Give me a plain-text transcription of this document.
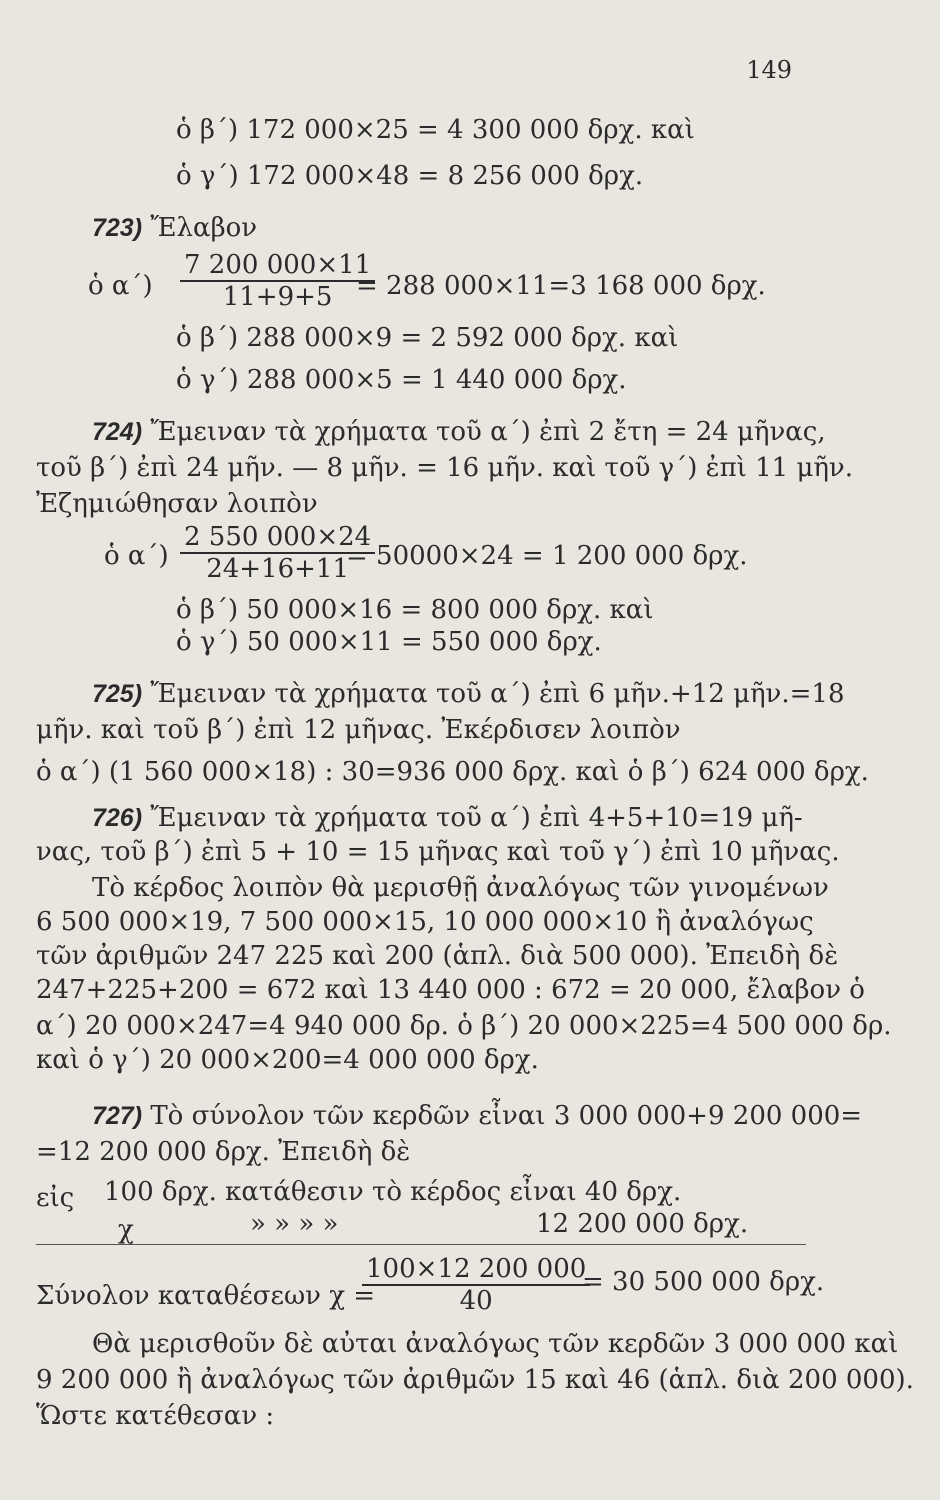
149
ὁ β΄) 172 000×25 = 4 300 000 δρχ. καὶ
ὁ γ΄) 172 000×48 = 8 256 000 δρχ.
723) Ἔλαβον
ὁ α΄)
7 200 000×11
11+9+5 = 288 000×11=3 168 000 δρχ.
ὁ β΄) 288 000×9 = 2 592 000 δρχ. καὶ
ὁ γ΄) 288 000×5 = 1 440 000 δρχ.
724) Ἔμειναν τὰ χρήματα τοῦ α΄) ἐπὶ 2 ἔτη = 24 μῆνας,
τοῦ β΄) ἐπὶ 24 μῆν. — 8 μῆν. = 16 μῆν. καὶ τοῦ γ΄) ἐπὶ 11 μῆν.
Ἐζημιώθησαν λοιπὸν
ὁ α΄)
2 550 000×24
24+16+11
= 50000×24 = 1 200 000 δρχ.
ὁ β΄) 50 000×16 = 800 000 δρχ. καὶ
ὁ γ΄) 50 000×11 = 550 000 δρχ.
725) Ἔμειναν τὰ χρήματα τοῦ α΄) ἐπὶ 6 μῆν.+12 μῆν.=18
μῆν. καὶ τοῦ β΄) ἐπὶ 12 μῆνας. Ἐκέρδισεν λοιπὸν
ὁ α΄) (1 560 000×18) : 30=936 000 δρχ. καὶ ὁ β΄) 624 000 δρχ.
726) Ἔμειναν τὰ χρήματα τοῦ α΄) ἐπὶ 4+5+10=19 μῆ-
νας, τοῦ β΄) ἐπὶ 5 + 10 = 15 μῆνας καὶ τοῦ γ΄) ἐπὶ 10 μῆνας.
Τὸ κέρδος λοιπὸν θὰ μερισθῇ ἀναλόγως τῶν γινομένων
6 500 000×19, 7 500 000×15, 10 000 000×10 ἢ ἀναλόγως
τῶν ἀριθμῶν 247 225 καὶ 200 (ἁπλ. διὰ 500 000). Ἐπειδὴ δὲ
247+225+200 = 672 καὶ 13 440 000 : 672 = 20 000, ἔλαβον ὁ
α΄) 20 000×247=4 940 000 δρ. ὁ β΄) 20 000×225=4 500 000 δρ.
καὶ ὁ γ΄) 20 000×200=4 000 000 δρχ.
727) Τὸ σύνολον τῶν κερδῶν εἶναι 3 000 000+9 200 000=
=12 200 000 δρχ. Ἐπειδὴ δὲ
εἰς 100 δρχ. κατάθεσιν τὸ κέρδος εἶναι 40 δρχ.
χ	» » » »	12 200 000 δρχ.
Σύνολον καταθέσεων χ =
100×12 200 000
40
= 30 500 000 δρχ.
Θὰ μερισθοῦν δὲ αὐται ἀναλόγως τῶν κερδῶν 3 000 000 καὶ
9 200 000 ἢ ἀναλόγως τῶν ἀριθμῶν 15 καὶ 46 (ἁπλ. διὰ 200 000).
Ὥστε κατέθεσαν :
